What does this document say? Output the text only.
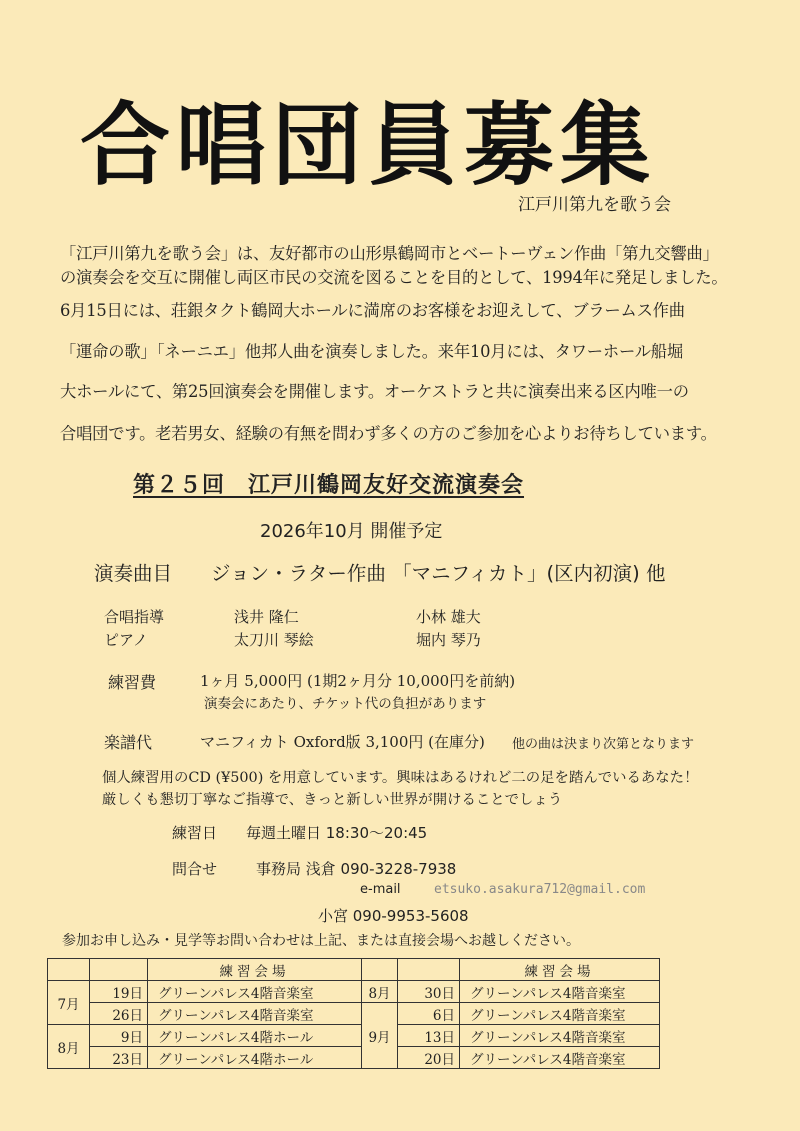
合唱団員募集
江戸川第九を歌う会
「江戸川第九を歌う会」は、友好都市の山形県鶴岡市とベートーヴェン作曲「第九交響曲」
の演奏会を交互に開催し両区市民の交流を図ることを目的として、1994年に発足しました。
6月15日には、荘銀タクト鶴岡大ホールに満席のお客様をお迎えして、ブラームス作曲
「運命の歌」「ネーニエ」他邦人曲を演奏しました。来年10月には、タワーホール船堀
大ホールにて、第25回演奏会を開催します。オーケストラと共に演奏出来る区内唯一の
合唱団です。老若男女、経験の有無を問わず多くの方のご参加を心よりお待ちしています。
第２５回　江戸川鶴岡友好交流演奏会
2026年10月 開催予定
演奏曲目　　ジョン・ラター作曲 「マニフィカト」(区内初演) 他
合唱指導	浅井 隆仁	小林 雄大
ピアノ	太刀川 琴絵	堀内 琴乃
練習費	1ヶ月 5,000円 (1期2ヶ月分 10,000円を前納)
演奏会にあたり、チケット代の負担があります
楽譜代	マニフィカト Oxford版 3,100円 (在庫分) 他の曲は決まり次第となります
個人練習用のCD (¥500) を用意しています。興味はあるけれど二の足を踏んでいるあなた！
厳しくも懇切丁寧なご指導で、きっと新しい世界が開けることでしょう
練習日 毎週土曜日 18:30～20:45
問合せ	事務局 浅倉 090-3228-7938
e-mail	etsuko.asakura712@gmail.com
小宮 090-9953-5608
参加お申し込み・見学等お問い合わせは上記、または直接会場へお越しください。
		練習会場			練習会場
7月	19日	グリーンパレス4階音楽室	8月	30日	グリーンパレス4階音楽室
	26日	グリーンパレス4階音楽室	9月	6日	グリーンパレス4階音楽室
8月	9日	グリーンパレス4階ホール		13日	グリーンパレス4階音楽室
	23日	グリーンパレス4階ホール		20日	グリーンパレス4階音楽室
